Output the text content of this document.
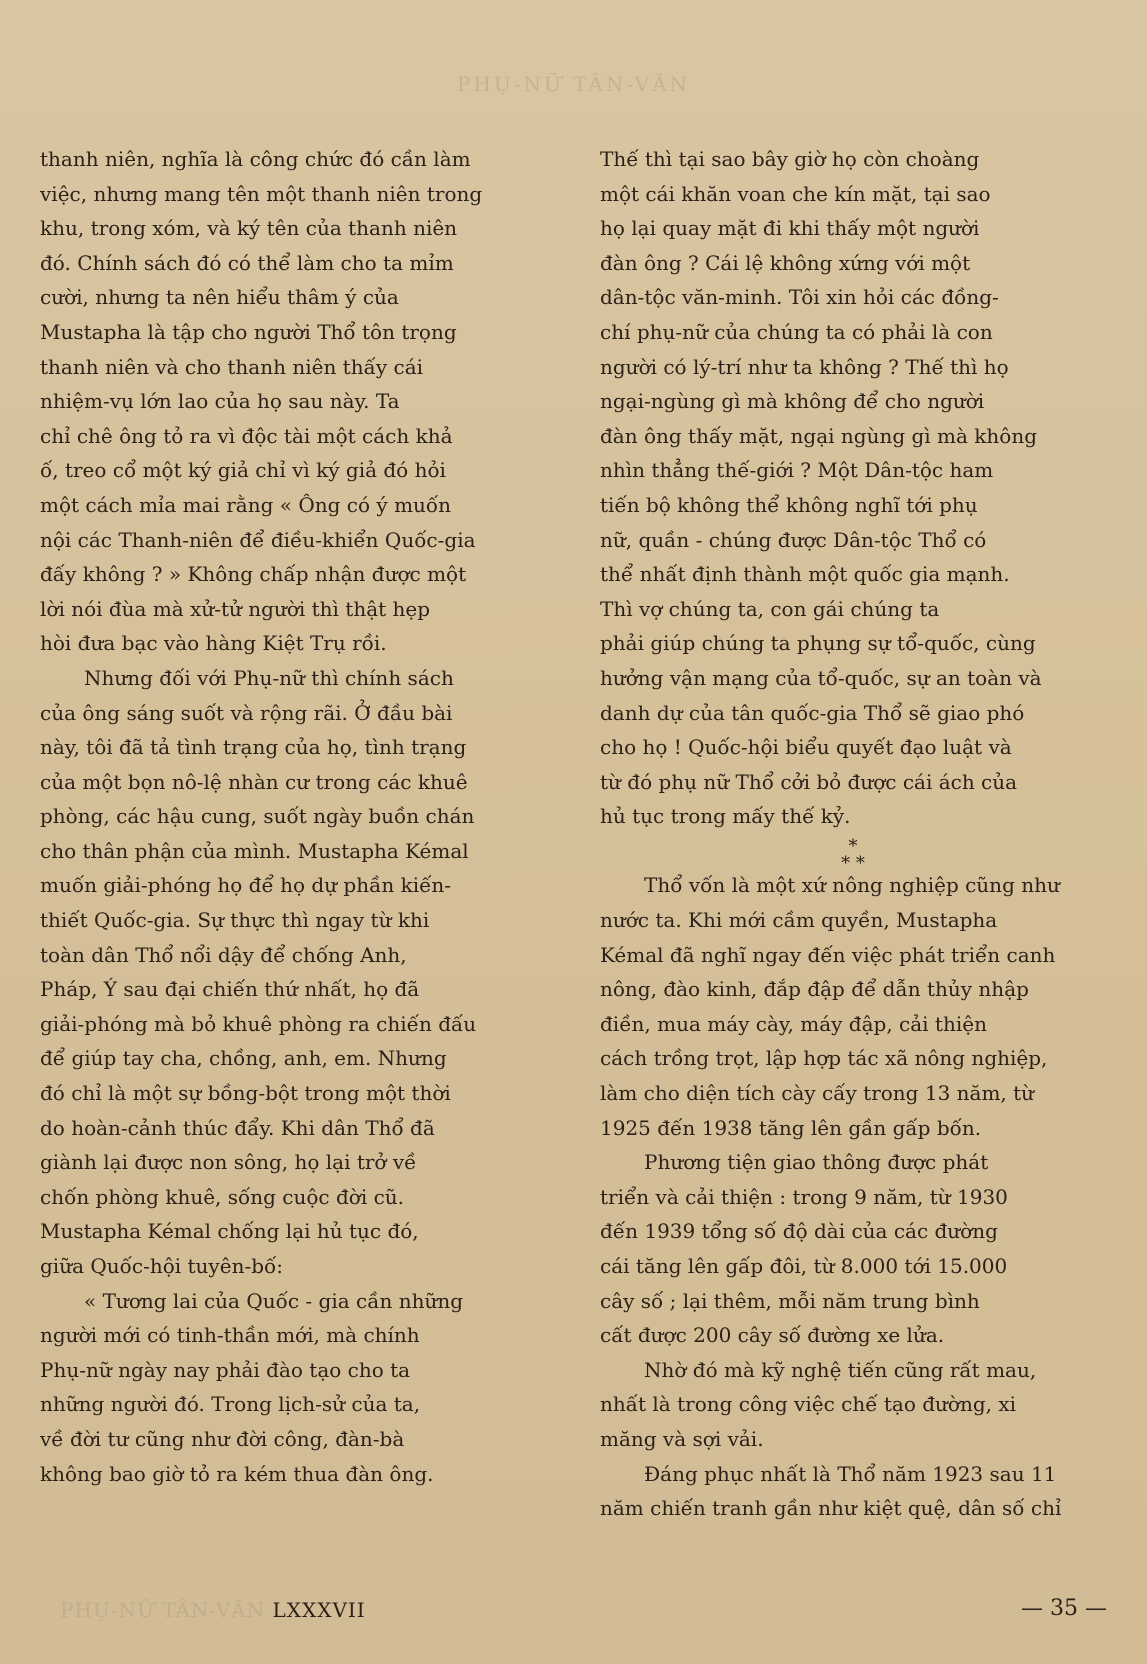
PHỤ-NỮ TÂN-VĂN
thanh niên, nghĩa là công chức đó cần làm
việc, nhưng mang tên một thanh niên trong
khu, trong xóm, và ký tên của thanh niên
đó. Chính sách đó có thể làm cho ta mỉm
cười, nhưng ta nên hiểu thâm ý của
Mustapha là tập cho người Thổ tôn trọng
thanh niên và cho thanh niên thấy cái
nhiệm-vụ lớn lao của họ sau này. Ta
chỉ chê ông tỏ ra vì độc tài một cách khả
ố, treo cổ một ký giả chỉ vì ký giả đó hỏi
một cách mỉa mai rằng « Ông có ý muốn
nội các Thanh-niên để điều-khiển Quốc-gia
đấy không ? » Không chấp nhận được một
lời nói đùa mà xử-tử người thì thật hẹp
hòi đưa bạc vào hàng Kiệt Trụ rồi.
Nhưng đối với Phụ-nữ thì chính sách
của ông sáng suốt và rộng rãi. Ở đầu bài
này, tôi đã tả tình trạng của họ, tình trạng
của một bọn nô-lệ nhàn cư trong các khuê
phòng, các hậu cung, suốt ngày buồn chán
cho thân phận của mình. Mustapha Kémal
muốn giải-phóng họ để họ dự phần kiến-
thiết Quốc-gia. Sự thực thì ngay từ khi
toàn dân Thổ nổi dậy để chống Anh,
Pháp, Ý sau đại chiến thứ nhất, họ đã
giải-phóng mà bỏ khuê phòng ra chiến đấu
để giúp tay cha, chồng, anh, em. Nhưng
đó chỉ là một sự bồng-bột trong một thời
do hoàn-cảnh thúc đẩy. Khi dân Thổ đã
giành lại được non sông, họ lại trở về
chốn phòng khuê, sống cuộc đời cũ.
Mustapha Kémal chống lại hủ tục đó,
giữa Quốc-hội tuyên-bố:
« Tương lai của Quốc - gia cần những
người mới có tinh-thần mới, mà chính
Phụ-nữ ngày nay phải đào tạo cho ta
những người đó. Trong lịch-sử của ta,
về đời tư cũng như đời công, đàn-bà
không bao giờ tỏ ra kém thua đàn ông.
Thế thì tại sao bây giờ họ còn choàng
một cái khăn voan che kín mặt, tại sao
họ lại quay mặt đi khi thấy một người
đàn ông ? Cái lệ không xứng với một
dân-tộc văn-minh. Tôi xin hỏi các đồng-
chí phụ-nữ của chúng ta có phải là con
người có lý-trí như ta không ? Thế thì họ
ngại-ngùng gì mà không để cho người
đàn ông thấy mặt, ngại ngùng gì mà không
nhìn thẳng thế-giới ? Một Dân-tộc ham
tiến bộ không thể không nghĩ tới phụ
nữ, quần - chúng được Dân-tộc Thổ có
thể nhất định thành một quốc gia mạnh.
Thì vợ chúng ta, con gái chúng ta
phải giúp chúng ta phụng sự tổ-quốc, cùng
hưởng vận mạng của tổ-quốc, sự an toàn và
danh dự của tân quốc-gia Thổ sẽ giao phó
cho họ ! Quốc-hội biểu quyết đạo luật và
từ đó phụ nữ Thổ cởi bỏ được cái ách của
hủ tục trong mấy thế kỷ.
*
* *
Thổ vốn là một xứ nông nghiệp cũng như
nước ta. Khi mới cầm quyền, Mustapha
Kémal đã nghĩ ngay đến việc phát triển canh
nông, đào kinh, đắp đập để dẫn thủy nhập
điền, mua máy cày, máy đập, cải thiện
cách trồng trọt, lập hợp tác xã nông nghiệp,
làm cho diện tích cày cấy trong 13 năm, từ
1925 đến 1938 tăng lên gần gấp bốn.
Phương tiện giao thông được phát
triển và cải thiện : trong 9 năm, từ 1930
đến 1939 tổng số độ dài của các đường
cái tăng lên gấp đôi, từ 8.000 tới 15.000
cây số ; lại thêm, mỗi năm trung bình
cất được 200 cây số đường xe lửa.
Nhờ đó mà kỹ nghệ tiến cũng rất mau,
nhất là trong công việc chế tạo đường, xi
măng và sợi vải.
Đáng phục nhất là Thổ năm 1923 sau 11
năm chiến tranh gần như kiệt quệ, dân số chỉ
PHỤ-NỮ TÂN-VĂN LXXXVII	— 35 —
